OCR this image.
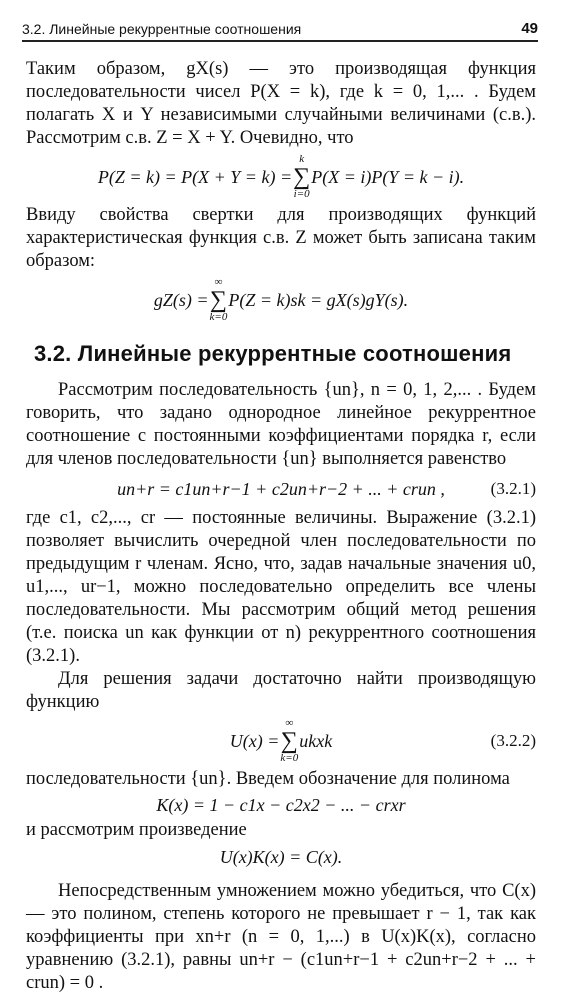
3.2. Линейные рекуррентные соотношения	49

Таким образом, gX(s) — это производящая функция последовательности чисел P(X = k), где k = 0, 1,... . Будем полагать X и Y независимыми случайными величинами (с.в.). Рассмотрим с.в. Z = X + Y. Очевидно, что

P(Z = k) = P(X + Y = k) =
k
∑
i=0
P(X = i)P(Y = k − i).

Ввиду свойства свертки для производящих функций характеристическая функция с.в. Z может быть записана таким образом:

gZ(s) =
∞
∑
k=0
P(Z = k)sk = gX(s)gY(s).
3.2. Линейные рекуррентные соотношения

Рассмотрим последовательность {un}, n = 0, 1, 2,... . Будем говорить, что задано однородное линейное рекуррентное соотношение с постоянными коэффициентами порядка r, если для членов последовательности {un} выполняется равенство

un+r = c1un+r−1 + c2un+r−2 + ... + crun ,	(3.2.1)

где c1, c2,..., cr — постоянные величины. Выражение (3.2.1) позволяет вычислить очередной член последовательности по предыдущим r членам. Ясно, что, задав начальные значения u0, u1,..., ur−1, можно последовательно определить все члены последовательности. Мы рассмотрим общий метод решения (т.е. поиска un как функции от n) рекуррентного соотношения (3.2.1).

Для решения задачи достаточно найти производящую функцию

U(x) =
∞
∑
k=0
ukxk	(3.2.2)

последовательности {un}. Введем обозначение для полинома

K(x) = 1 − c1x − c2x2 − ... − crxr

и рассмотрим произведение

U(x)K(x) = C(x).

Непосредственным умножением можно убедиться, что C(x) — это полином, степень которого не превышает r − 1, так как коэффициенты при xn+r (n = 0, 1,...) в U(x)K(x), согласно уравнению (3.2.1), равны un+r − (c1un+r−1 + c2un+r−2 + ... + crun) = 0 .
